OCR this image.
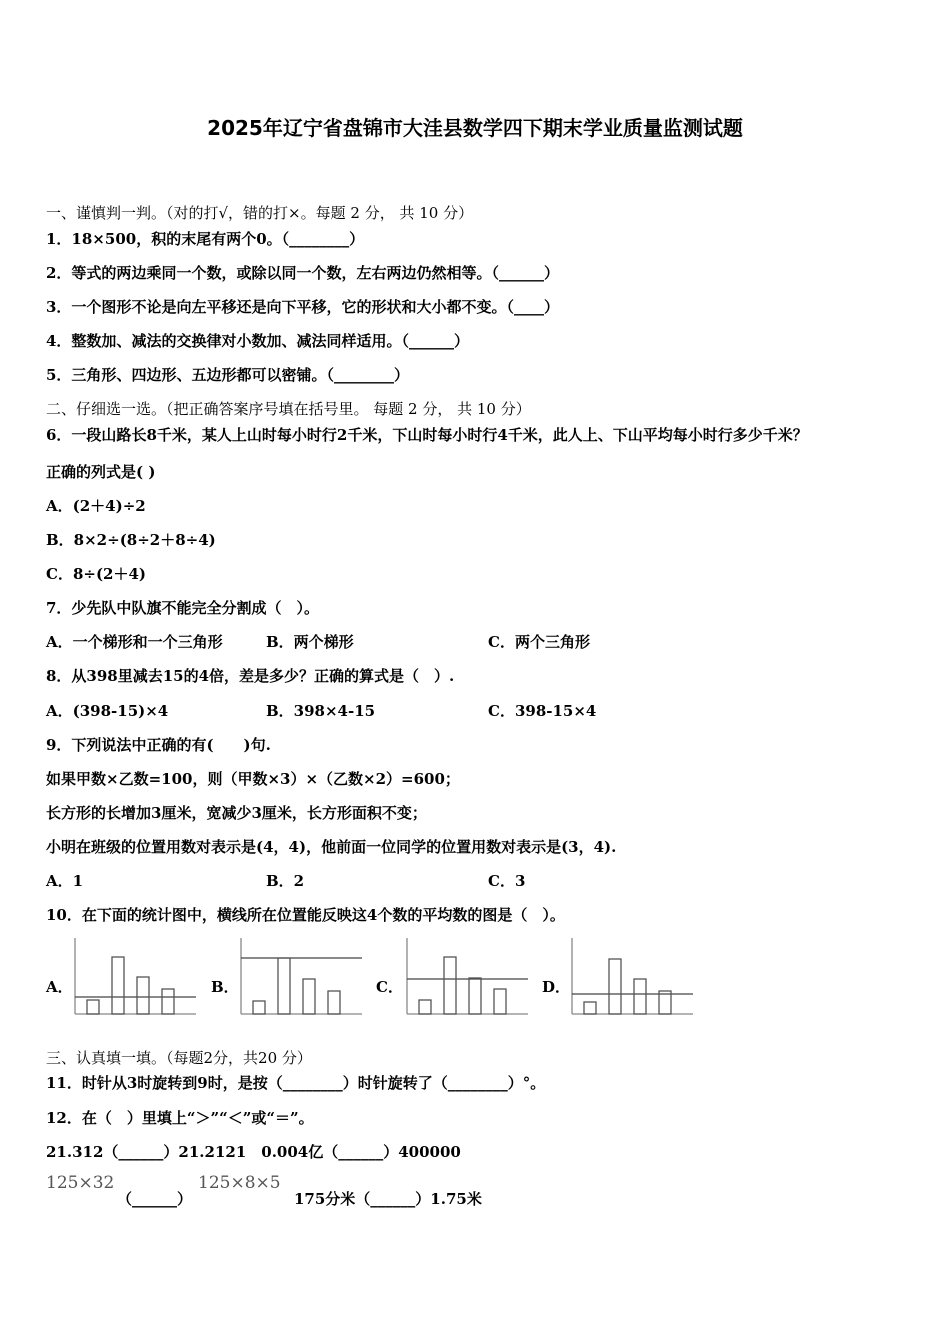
2025年辽宁省盘锦市大洼县数学四下期末学业质量监测试题
一、谨慎判一判。（对的打√，错的打×。每题 2 分， 共 10 分）
1．18×500，积的末尾有两个0。（________）
2．等式的两边乘同一个数，或除以同一个数，左右两边仍然相等。（______）
3．一个图形不论是向左平移还是向下平移，它的形状和大小都不变。（____）
4．整数加、减法的交换律对小数加、减法同样适用。（______）
5．三角形、四边形、五边形都可以密铺。（________）
二、仔细选一选。（把正确答案序号填在括号里。 每题 2 分， 共 10 分）
6．一段山路长8千米，某人上山时每小时行2千米，下山时每小时行4千米，此人上、下山平均每小时行多少千米？
正确的列式是( )
A．(2＋4)÷2
B．8×2÷(8÷2＋8÷4)
C．8÷(2＋4)
7．少先队中队旗不能完全分割成（　）。
A．一个梯形和一个三角形	B．两个梯形	C．两个三角形
8．从398里减去15的4倍，差是多少？正确的算式是（　）.
A．(398-15)×4	B．398×4-15	C．398-15×4
9．下列说法中正确的有(　　)句.
如果甲数×乙数=100，则（甲数×3）×（乙数×2）=600；
长方形的长增加3厘米，宽减少3厘米，长方形面积不变；
小明在班级的位置用数对表示是(4，4)，他前面一位同学的位置用数对表示是(3，4).
A．1	B．2	C．3
10．在下面的统计图中，横线所在位置能反映这4个数的平均数的图是（　）。
A．	B．	C．	D．
三、认真填一填。（每题2分，共20 分）
11．时针从3时旋转到9时，是按（________）时针旋转了（________）°。
12．在（　）里填上“＞”“＜”或“＝”。
21.312（______）21.2121　0.004亿（______）400000
125×32
（______）
125×8×5
175分米（______）1.75米
